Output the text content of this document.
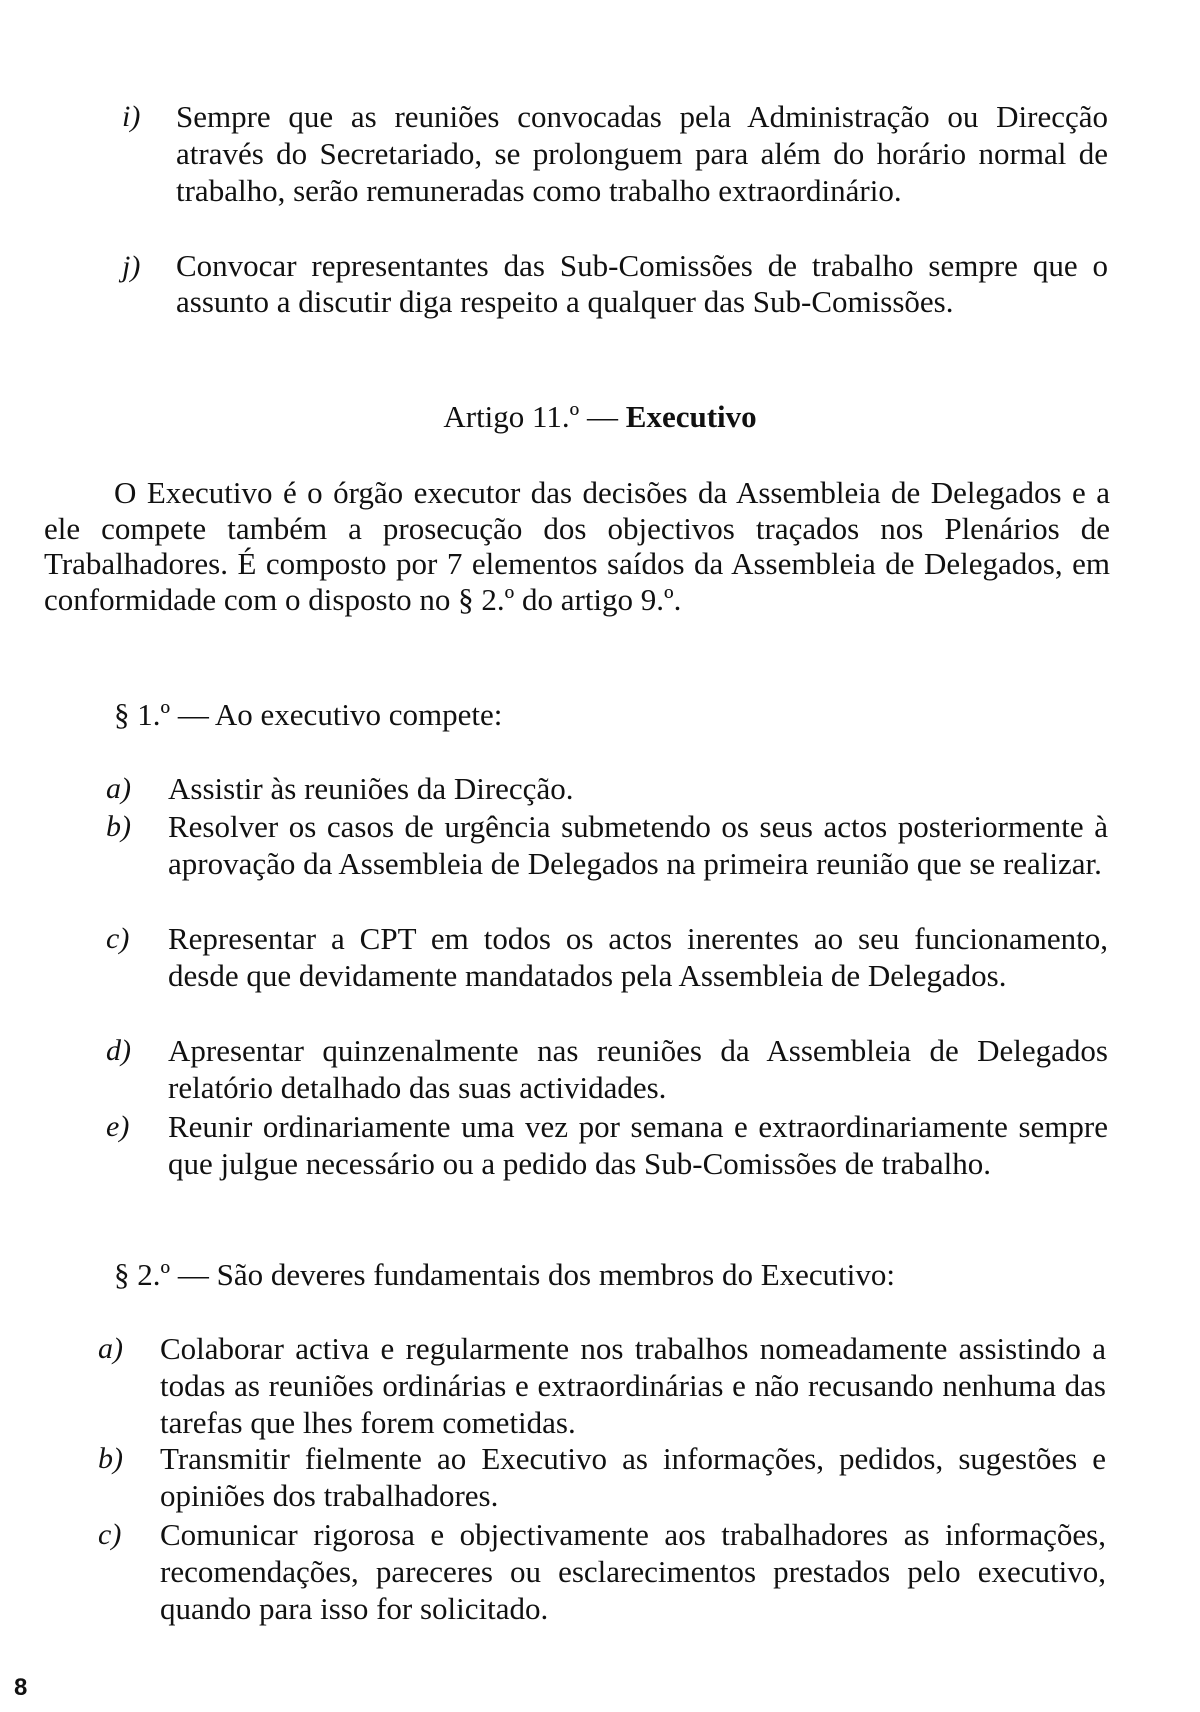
i) Sempre que as reuniões convocadas pela Administração ou Direcção através do Secretariado, se prolonguem para além do horário normal de trabalho, serão remuneradas como trabalho extraordinário.
j) Convocar representantes das Sub-Comissões de trabalho sempre que o assunto a discutir diga respeito a qualquer das Sub-Comissões.
Artigo 11.º — Executivo
O Executivo é o órgão executor das decisões da Assembleia de Delegados e a ele compete também a prosecução dos objectivos traçados nos Plenários de Trabalhadores. É composto por 7 elementos saídos da Assembleia de Delegados, em conformidade com o disposto no § 2.º do artigo 9.º.
§ 1.º — Ao executivo compete:
a) Assistir às reuniões da Direcção.
b) Resolver os casos de urgência submetendo os seus actos posteriormente à aprovação da Assembleia de Delegados na primeira reunião que se realizar.
c) Representar a CPT em todos os actos inerentes ao seu funcionamento, desde que devidamente mandatados pela Assembleia de Delegados.
d) Apresentar quinzenalmente nas reuniões da Assembleia de Delegados relatório detalhado das suas actividades.
e) Reunir ordinariamente uma vez por semana e extraordinariamente sempre que julgue necessário ou a pedido das Sub-Comissões de trabalho.
§ 2.º — São deveres fundamentais dos membros do Executivo:
a) Colaborar activa e regularmente nos trabalhos nomeadamente assistindo a todas as reuniões ordinárias e extraordinárias e não recusando nenhuma das tarefas que lhes forem cometidas.
b) Transmitir fielmente ao Executivo as informações, pedidos, sugestões e opiniões dos trabalhadores.
c) Comunicar rigorosa e objectivamente aos trabalhadores as informações, recomendações, pareceres ou esclarecimentos prestados pelo executivo, quando para isso for solicitado.
8
